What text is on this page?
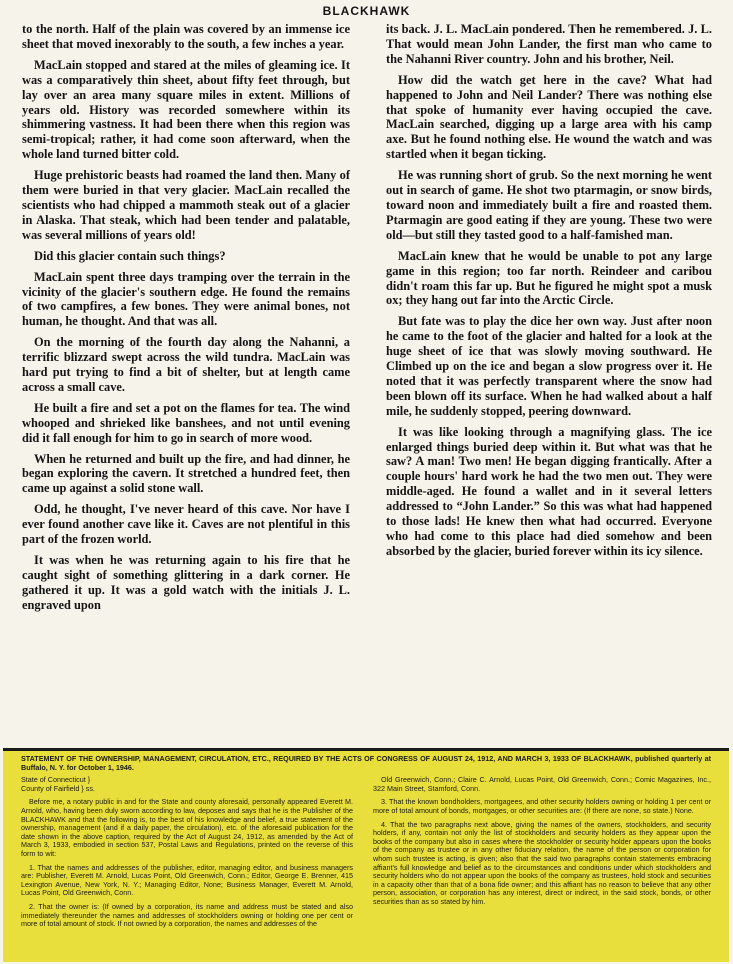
BLACKHAWK

to the north. Half of the plain was covered by an immense ice sheet that moved inexorably to the south, a few inches a year.

MacLain stopped and stared at the miles of gleaming ice. It was a comparatively thin sheet, about fifty feet through, but lay over an area many square miles in extent. Millions of years old. History was recorded somewhere within its shimmering vastness. It had been there when this region was semi-tropical; rather, it had come soon afterward, when the whole land turned bitter cold.

Huge prehistoric beasts had roamed the land then. Many of them were buried in that very glacier. MacLain recalled the scientists who had chipped a mammoth steak out of a glacier in Alaska. That steak, which had been tender and palatable, was several millions of years old!

Did this glacier contain such things?

MacLain spent three days tramping over the terrain in the vicinity of the glacier's southern edge. He found the remains of two campfires, a few bones. They were animal bones, not human, he thought. And that was all.

On the morning of the fourth day along the Nahanni, a terrific blizzard swept across the wild tundra. MacLain was hard put trying to find a bit of shelter, but at length came across a small cave.

He built a fire and set a pot on the flames for tea. The wind whooped and shrieked like banshees, and not until evening did it fall enough for him to go in search of more wood.

When he returned and built up the fire, and had dinner, he began exploring the cavern. It stretched a hundred feet, then came up against a solid stone wall.

Odd, he thought, I've never heard of this cave. Nor have I ever found another cave like it. Caves are not plentiful in this part of the frozen world.

It was when he was returning again to his fire that he caught sight of something glittering in a dark corner. He gathered it up. It was a gold watch with the initials J. L. engraved upon

its back. J. L. MacLain pondered. Then he remembered. J. L. That would mean John Lander, the first man who came to the Nahanni River country. John and his brother, Neil.

How did the watch get here in the cave? What had happened to John and Neil Lander? There was nothing else that spoke of humanity ever having occupied the cave. MacLain searched, digging up a large area with his camp axe. But he found nothing else. He wound the watch and was startled when it began ticking.

He was running short of grub. So the next morning he went out in search of game. He shot two ptarmagin, or snow birds, toward noon and immediately built a fire and roasted them. Ptarmagin are good eating if they are young. These two were old—but still they tasted good to a half-famished man.

MacLain knew that he would be unable to pot any large game in this region; too far north. Reindeer and caribou didn't roam this far up. But he figured he might spot a musk ox; they hang out far into the Arctic Circle.

But fate was to play the dice her own way. Just after noon he came to the foot of the glacier and halted for a look at the huge sheet of ice that was slowly moving southward. He Climbed up on the ice and began a slow progress over it. He noted that it was perfectly transparent where the snow had been blown off its surface. When he had walked about a half mile, he suddenly stopped, peering downward.

It was like looking through a magnifying glass. The ice enlarged things buried deep within it. But what was that he saw? A man! Two men! He began digging frantically. After a couple hours' hard work he had the two men out. They were middle-aged. He found a wallet and in it several letters addressed to “John Lander.” So this was what had happened to those lads! He knew then what had occurred. Everyone who had come to this place had died somehow and been absorbed by the glacier, buried forever within its icy silence.

STATEMENT OF THE OWNERSHIP, MANAGEMENT, CIRCULATION, ETC., REQUIRED BY THE ACTS OF CONGRESS OF AUGUST 24, 1912, AND MARCH 3, 1933 OF BLACKHAWK, published quarterly at Buffalo, N. Y. for October 1, 1946.

State of Connecticut }
County of Fairfield } ss.

Before me, a notary public in and for the State and county aforesaid, personally appeared Everett M. Arnold, who, having been duly sworn according to law, deposes and says that he is the Publisher of the BLACKHAWK and that the following is, to the best of his knowledge and belief, a true statement of the ownership, management (and if a daily paper, the circulation), etc. of the aforesaid publication for the date shown in the above caption, required by the Act of August 24, 1912, as amended by the Act of March 3, 1933, embodied in section 537, Postal Laws and Regulations, printed on the reverse of this form to wit:

1. That the names and addresses of the publisher, editor, managing editor, and business managers are: Publisher, Everett M. Arnold, Lucas Point, Old Greenwich, Conn.; Editor, George E. Brenner, 415 Lexington Avenue, New York, N. Y.; Managing Editor, None; Business Manager, Everett M. Arnold, Lucas Point, Old Greenwich, Conn.

2. That the owner is: (If owned by a corporation, its name and address must be stated and also immediately thereunder the names and addresses of stockholders owning or holding one per cent or more of total amount of stock. If not owned by a corporation, the names and addresses of the

Old Greenwich, Conn.; Claire C. Arnold, Lucas Point, Old Greenwich, Conn.; Comic Magazines, Inc., 322 Main Street, Stamford, Conn.

3. That the known bondholders, mortgagees, and other security holders owning or holding 1 per cent or more of total amount of bonds, mortgages, or other securities are: (If there are none, so state.) None.

4. That the two paragraphs next above, giving the names of the owners, stockholders, and security holders, if any, contain not only the list of stockholders and security holders as they appear upon the books of the company but also in cases where the stockholder or security holder appears upon the books of the company as trustee or in any other fiduciary relation, the name of the person or corporation for whom such trustee is acting, is given; also that the said two paragraphs contain statements embracing affiant's full knowledge and belief as to the circumstances and conditions under which stockholders and security holders who do not appear upon the books of the company as trustees, hold stock and securities in a capacity other than that of a bona fide owner; and this affiant has no reason to believe that any other person, association, or corporation has any interest, direct or indirect, in the said stock, bonds, or other securities than as so stated by him.
